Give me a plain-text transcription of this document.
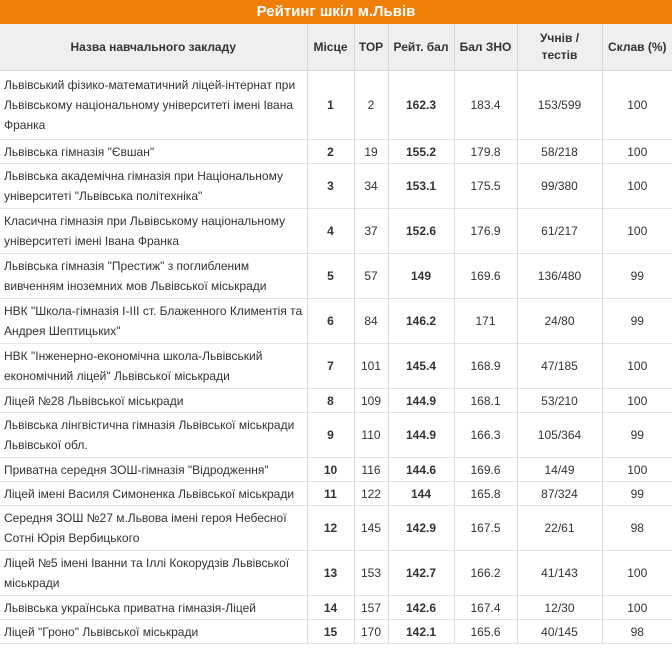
Рейтинг шкіл м.Львів
Назва навчального закладу	Місце	ТОР	Рейт. бал	Бал ЗНО	Учнів / тестів	Склав (%)
Львівський фізико-математичний ліцей-інтернат при Львівському національному університеті імені Івана Франка	1	2	162.3	183.4	153/599	100
Львівська гімназія "Євшан"	2	19	155.2	179.8	58/218	100
Львівська академічна гімназія при Національному університеті "Львівська політехніка"	3	34	153.1	175.5	99/380	100
Класична гімназія при Львівському національному університеті імені Івана Франка	4	37	152.6	176.9	61/217	100
Львівська гімназія "Престиж" з поглибленим вивченням іноземних мов Львівської міськради	5	57	149	169.6	136/480	99
НВК "Школа-гімназія І-ІІІ ст. Блаженного Климентія та Андрея Шептицьких"	6	84	146.2	171	24/80	99
НВК "Інженерно-економічна школа-Львівський економічний ліцей" Львівської міськради	7	101	145.4	168.9	47/185	100
Ліцей №28 Львівської міськради	8	109	144.9	168.1	53/210	100
Львівська лінгвістична гімназія Львівської міськради Львівської обл.	9	110	144.9	166.3	105/364	99
Приватна середня ЗОШ-гімназія "Відродження"	10	116	144.6	169.6	14/49	100
Ліцей імені Василя Симоненка Львівської міськради	11	122	144	165.8	87/324	99
Середня ЗОШ №27 м.Львова імені героя Небесної Сотні Юрія Вербицького	12	145	142.9	167.5	22/61	98
Ліцей №5 імені Іванни та Іллі Кокорудзів Львівської міськради	13	153	142.7	166.2	41/143	100
Львівська українська приватна гімназія-Ліцей	14	157	142.6	167.4	12/30	100
Ліцей "Гроно" Львівської міськради	15	170	142.1	165.6	40/145	98
